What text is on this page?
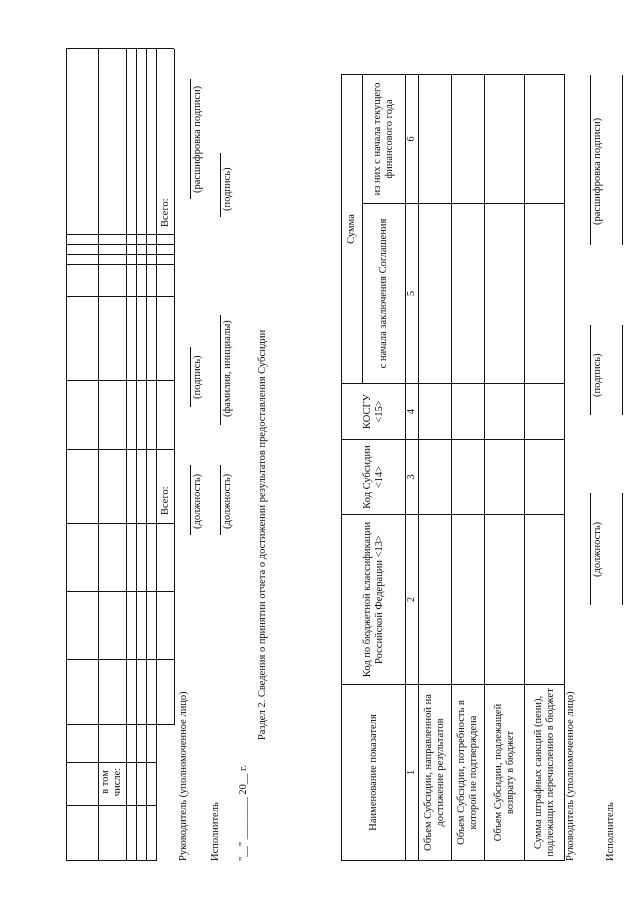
в том числе:
Всего:
Всего:
Руководитель (уполномоченное лицо)
(должность)
(подпись)
(расшифровка подписи)
Исполнитель
(должность)
(фамилия, инициалы)
(подпись)
"__" ________ 20__ г.
Раздел 2. Сведения о принятии отчета о достижении результатов предоставления Субсидии
Наименование показателя	Код по бюджетной классификации Российской Федерации <13>	Код Субсидии <14>	КОСГУ <15>	Сумма	
				с начала заключения Соглашения	из них с начала текущего финансового года
1	2	3	4	5	6
Объем Субсидии, направленной на достижение результатов					
Объем Субсидии, потребность в которой не подтверждена					
Объем Субсидии, подлежащей возврату в бюджет					
Сумма штрафных санкций (пени), подлежащих перечислению в бюджет					Руководитель (уполномоченное лицо)
(должность)
(подпись)
(расшифровка подписи)
Исполнитель
